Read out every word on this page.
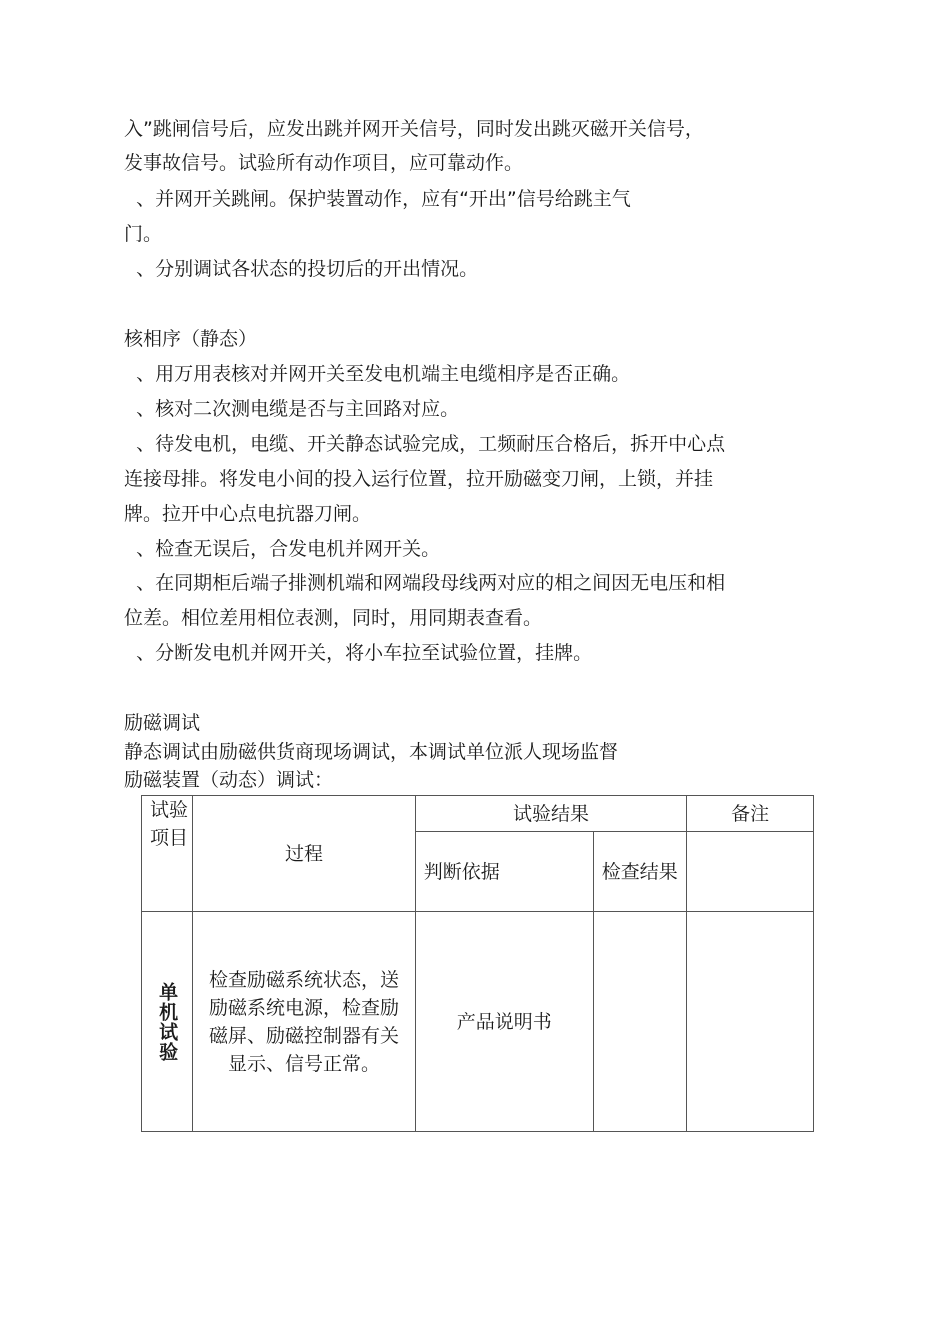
入”跳闸信号后，应发出跳并网开关信号，同时发出跳灭磁开关信号，
发事故信号。试验所有动作项目，应可靠动作。
、并网开关跳闸。保护装置动作，应有“开出”信号给跳主气
门。
、分别调试各状态的投切后的开出情况。
核相序（静态）
、用万用表核对并网开关至发电机端主电缆相序是否正确。
、核对二次测电缆是否与主回路对应。
、待发电机，电缆、开关静态试验完成，工频耐压合格后，拆开中心点
连接母排。将发电小间的投入运行位置，拉开励磁变刀闸，上锁，并挂
牌。拉开中心点电抗器刀闸。
、检查无误后，合发电机并网开关。
、在同期柜后端子排测机端和网端段母线两对应的相之间因无电压和相
位差。相位差用相位表测，同时，用同期表查看。
、分断发电机并网开关，将小车拉至试验位置，挂牌。
励磁调试
静态调试由励磁供货商现场调试，本调试单位派人现场监督
励磁装置（动态）调试：
试验项目	过程	试验结果		备注
		判断依据	检查结果	

单机试验	检查励磁系统状态，送励磁系统电源，检查励磁屏、励磁控制器有关显示、信号正常。	产品说明书		
